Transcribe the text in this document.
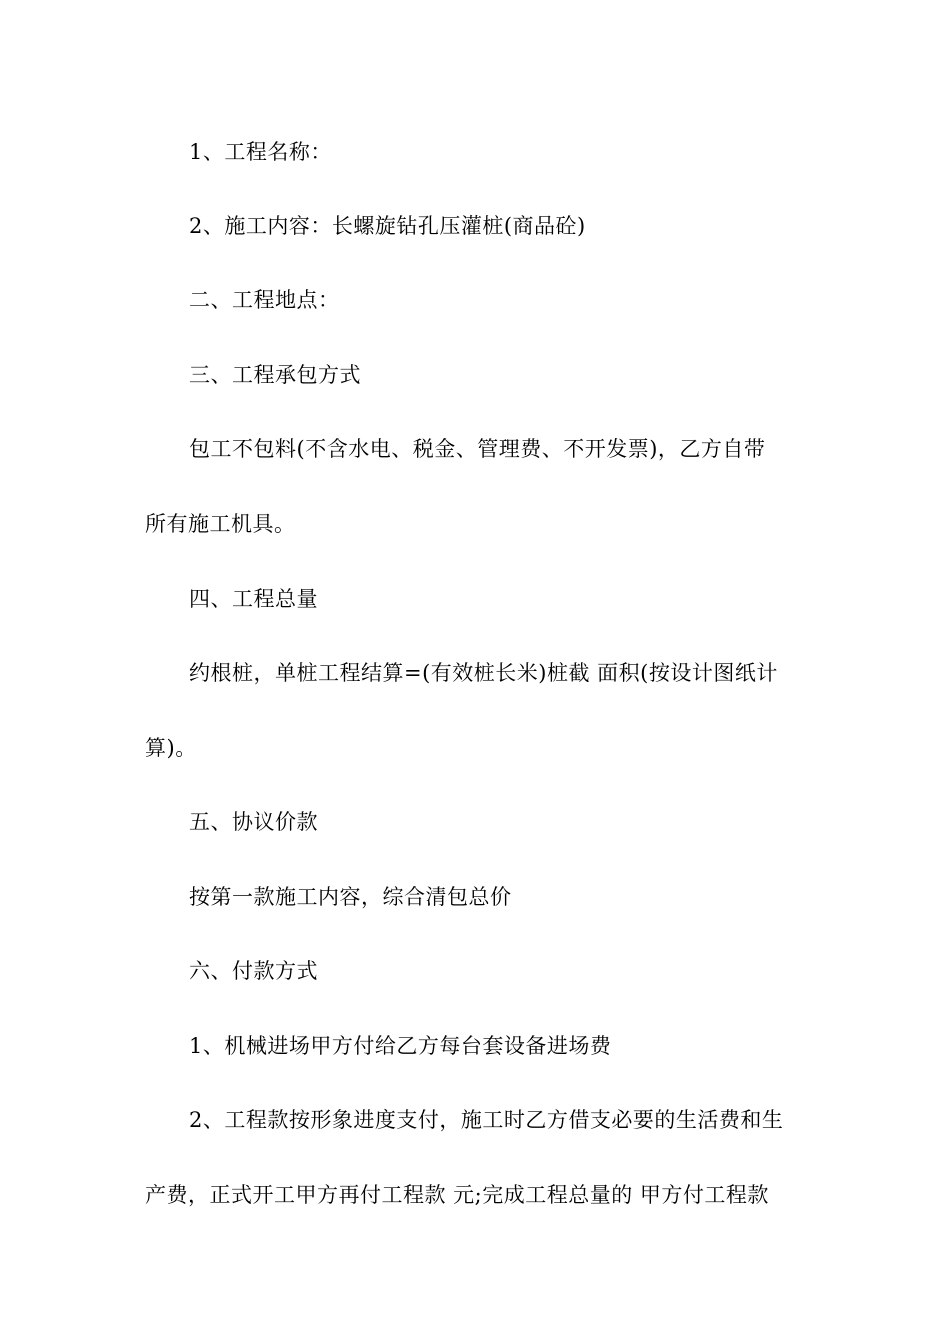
1、工程名称：
2、施工内容：长螺旋钻孔压灌桩(商品砼)
二、工程地点：
三、工程承包方式
包工不包料(不含水电、税金、管理费、不开发票)，乙方自带
所有施工机具。
四、工程总量
约根桩，单桩工程结算=(有效桩长米)桩截 面积(按设计图纸计
算)。
五、协议价款
按第一款施工内容，综合清包总价
六、付款方式
1、机械进场甲方付给乙方每台套设备进场费
2、工程款按形象进度支付，施工时乙方借支必要的生活费和生
产费，正式开工甲方再付工程款 元;完成工程总量的 甲方付工程款
